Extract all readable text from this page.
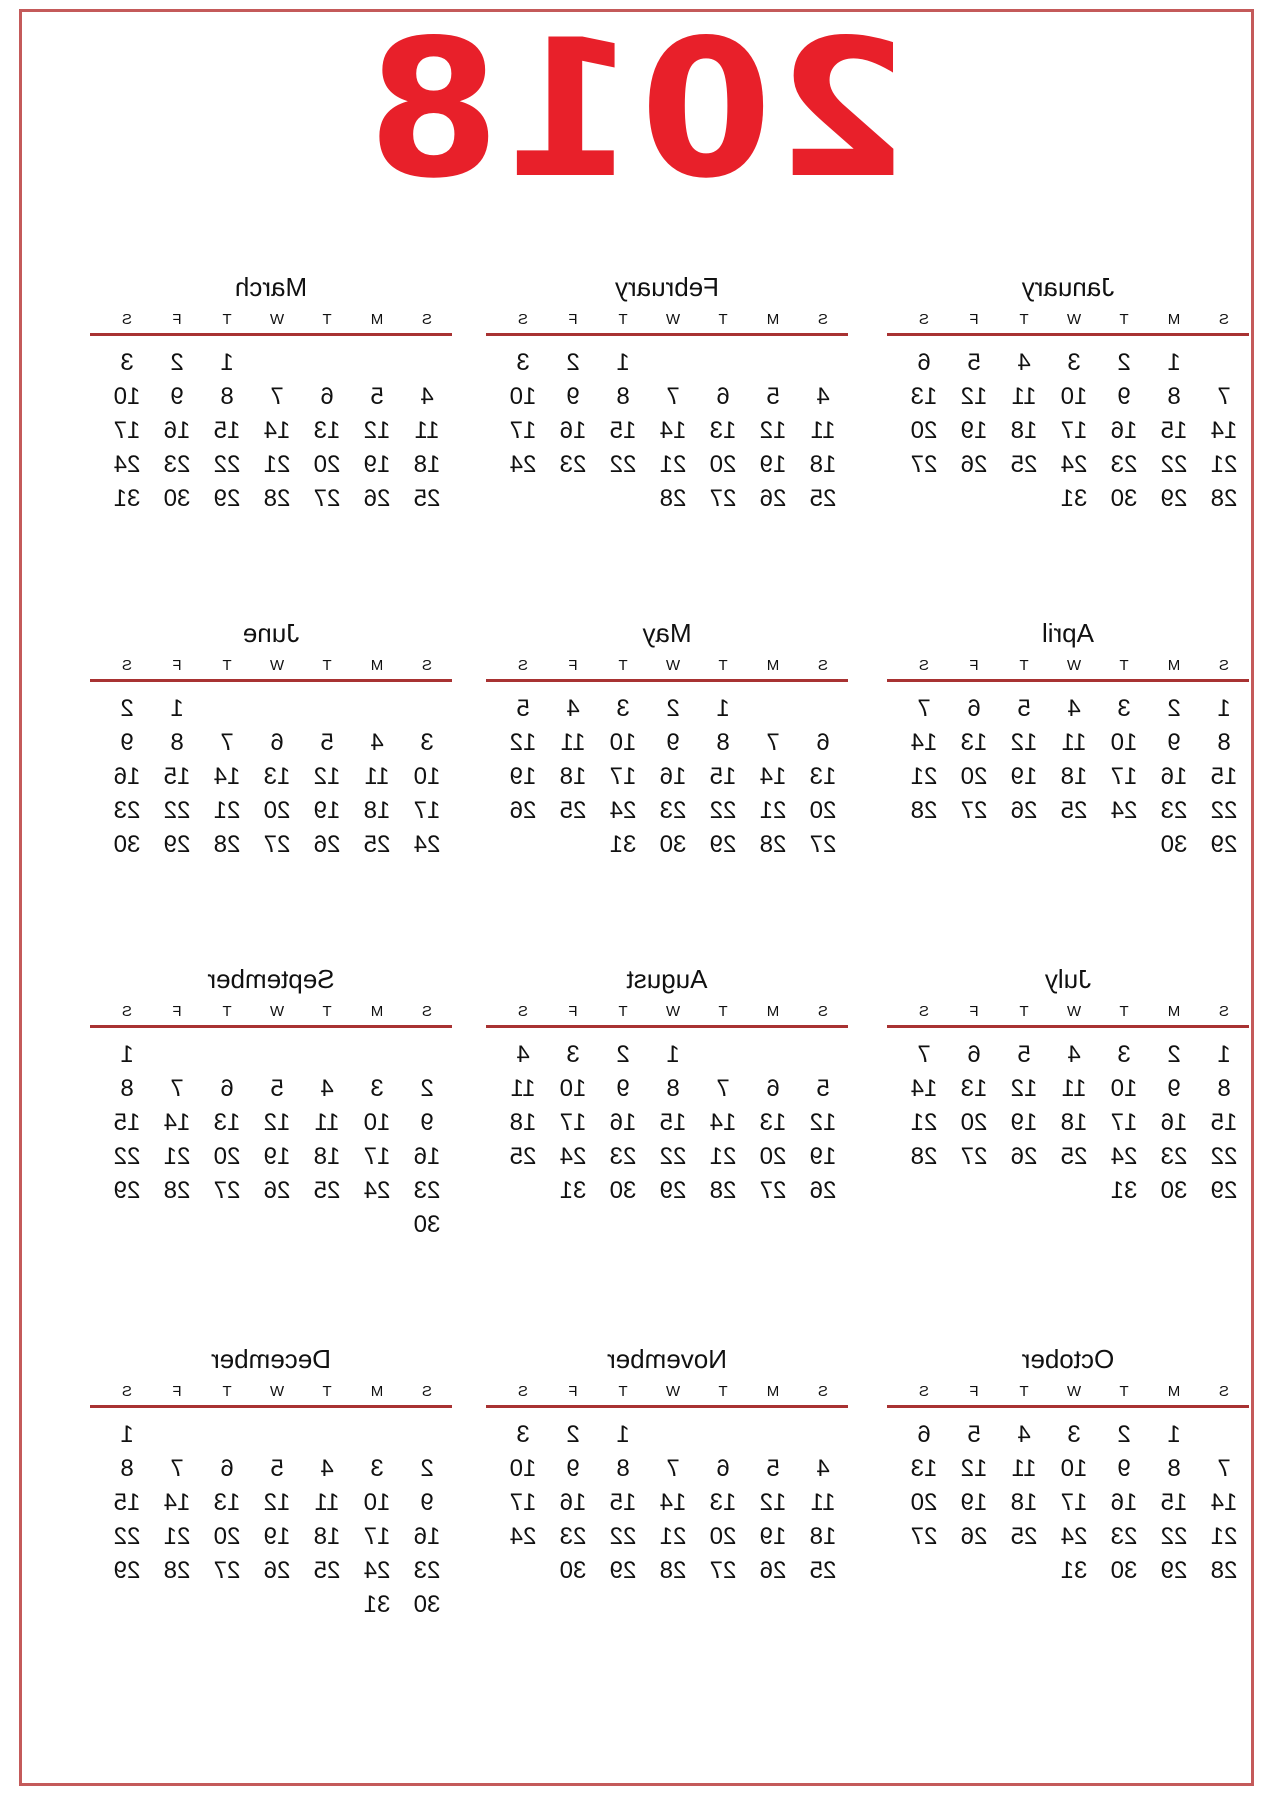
2018
January
S
M
T
W
T
F
S
1
2
3
4
5
6
7
8
9
10
11
12
13
14
15
16
17
18
19
20
21
22
23
24
25
26
27
28
29
30
31
February
S
M
T
W
T
F
S
1
2
3
4
5
6
7
8
9
10
11
12
13
14
15
16
17
18
19
20
21
22
23
24
25
26
27
28
March
S
M
T
W
T
F
S
1
2
3
4
5
6
7
8
9
10
11
12
13
14
15
16
17
18
19
20
21
22
23
24
25
26
27
28
29
30
31
April
S
M
T
W
T
F
S
1
2
3
4
5
6
7
8
9
10
11
12
13
14
15
16
17
18
19
20
21
22
23
24
25
26
27
28
29
30
May
S
M
T
W
T
F
S
1
2
3
4
5
6
7
8
9
10
11
12
13
14
15
16
17
18
19
20
21
22
23
24
25
26
27
28
29
30
31
June
S
M
T
W
T
F
S
1
2
3
4
5
6
7
8
9
10
11
12
13
14
15
16
17
18
19
20
21
22
23
24
25
26
27
28
29
30
July
S
M
T
W
T
F
S
1
2
3
4
5
6
7
8
9
10
11
12
13
14
15
16
17
18
19
20
21
22
23
24
25
26
27
28
29
30
31
August
S
M
T
W
T
F
S
1
2
3
4
5
6
7
8
9
10
11
12
13
14
15
16
17
18
19
20
21
22
23
24
25
26
27
28
29
30
31
September
S
M
T
W
T
F
S
1
2
3
4
5
6
7
8
9
10
11
12
13
14
15
16
17
18
19
20
21
22
23
24
25
26
27
28
29
30
October
S
M
T
W
T
F
S
1
2
3
4
5
6
7
8
9
10
11
12
13
14
15
16
17
18
19
20
21
22
23
24
25
26
27
28
29
30
31
November
S
M
T
W
T
F
S
1
2
3
4
5
6
7
8
9
10
11
12
13
14
15
16
17
18
19
20
21
22
23
24
25
26
27
28
29
30
December
S
M
T
W
T
F
S
1
2
3
4
5
6
7
8
9
10
11
12
13
14
15
16
17
18
19
20
21
22
23
24
25
26
27
28
29
30
31
